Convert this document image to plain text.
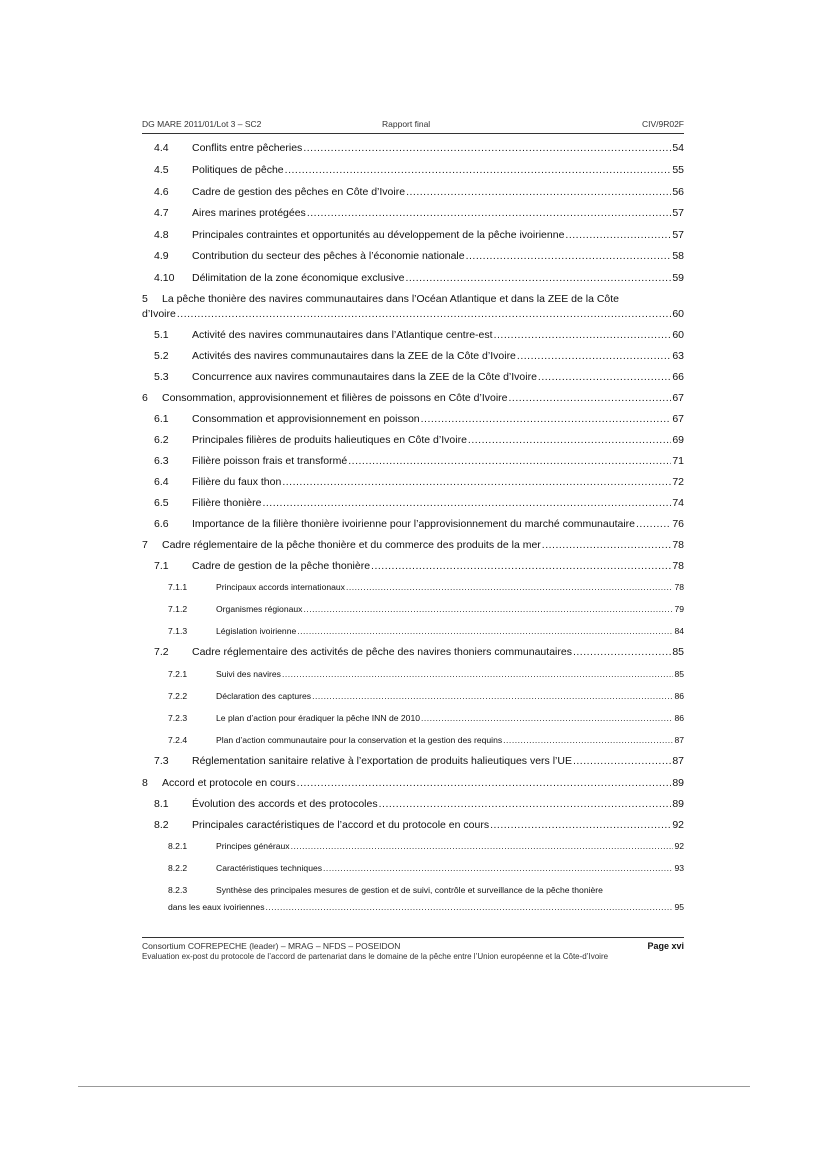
DG MARE 2011/01/Lot 3 – SC2	Rapport final	CIV/9R02F
4.4	Conflits entre pêcheries .....	54
4.5	Politiques de pêche .....	55
4.6	Cadre de gestion des pêches en Côte d’Ivoire .....	56
4.7	Aires marines protégées .....	57
4.8	Principales contraintes et opportunités au développement de la pêche ivoirienne .....	57
4.9	Contribution du secteur des pêches à l’économie nationale .....	58
4.10	Délimitation de la zone économique exclusive .....	59
5 La pêche thonière des navires communautaires dans l’Océan Atlantique et dans la ZEE de la Côte
d’Ivoire .....	60
5.1	Activité des navires communautaires dans l’Atlantique centre-est .....	60
5.2	Activités des navires communautaires dans la ZEE de la Côte d’Ivoire .....	63
5.3	Concurrence aux navires communautaires dans la ZEE de la Côte d’Ivoire .....	66
6	Consommation, approvisionnement et filières de poissons en Côte d’Ivoire .....	67
6.1	Consommation et approvisionnement en poisson .....	67
6.2	Principales filières de produits halieutiques en Côte d’Ivoire .....	69
6.3	Filière poisson frais et transformé .....	71
6.4	Filière du faux thon .....	72
6.5	Filière thonière .....	74
6.6	Importance de la filière thonière ivoirienne pour l’approvisionnement du marché communautaire .....	76
7	Cadre réglementaire de la pêche thonière et du commerce des produits de la mer .....	78
7.1	Cadre de gestion de la pêche thonière .....	78
7.1.1	Principaux accords internationaux .....	78
7.1.2	Organismes régionaux .....	79
7.1.3	Législation ivoirienne .....	84
7.2	Cadre réglementaire des activités de pêche des navires thoniers communautaires .....	85
7.2.1	Suivi des navires .....	85
7.2.2	Déclaration des captures .....	86
7.2.3	Le plan d’action pour éradiquer la pêche INN de 2010 .....	86
7.2.4	Plan d’action communautaire pour la conservation et la gestion des requins .....	87
7.3	Réglementation sanitaire relative à l’exportation de produits halieutiques vers l’UE .....	87
8	Accord et protocole en cours .....	89
8.1	Évolution des accords et des protocoles .....	89
8.2	Principales caractéristiques de l’accord et du protocole en cours .....	92
8.2.1	Principes généraux .....	92
8.2.2	Caractéristiques techniques .....	93
8.2.3	Synthèse des principales mesures de gestion et de suivi, contrôle et surveillance de la pêche thonière
dans les eaux ivoiriennes .....	95
Consortium COFREPECHE (leader) – MRAG – NFDS – POSEIDON	Page xvi
Evaluation ex-post du protocole de l’accord de partenariat dans le domaine de la pêche entre l’Union européenne et la Côte-d’Ivoire
